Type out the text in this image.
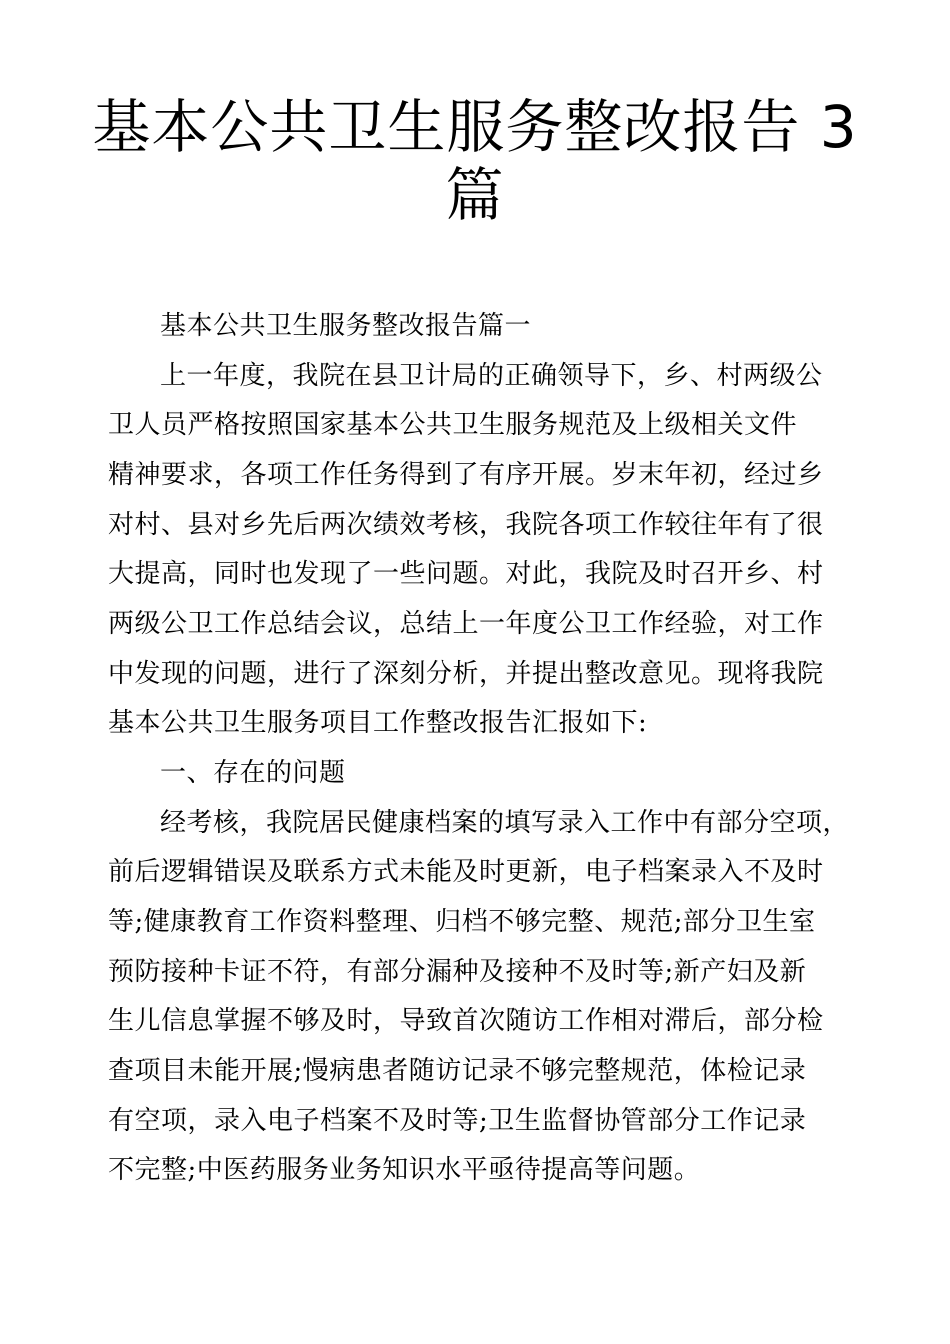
基本公共卫生服务整改报告 3
篇
基本公共卫生服务整改报告篇一
上一年度，我院在县卫计局的正确领导下，乡、村两级公
卫人员严格按照国家基本公共卫生服务规范及上级相关文件
精神要求，各项工作任务得到了有序开展。岁末年初，经过乡
对村、县对乡先后两次绩效考核，我院各项工作较往年有了很
大提高，同时也发现了一些问题。对此，我院及时召开乡、村
两级公卫工作总结会议，总结上一年度公卫工作经验，对工作
中发现的问题，进行了深刻分析，并提出整改意见。现将我院
基本公共卫生服务项目工作整改报告汇报如下:
一、存在的问题
经考核，我院居民健康档案的填写录入工作中有部分空项，
前后逻辑错误及联系方式未能及时更新，电子档案录入不及时
等;健康教育工作资料整理、归档不够完整、规范;部分卫生室
预防接种卡证不符，有部分漏种及接种不及时等;新产妇及新
生儿信息掌握不够及时，导致首次随访工作相对滞后，部分检
查项目未能开展;慢病患者随访记录不够完整规范，体检记录
有空项，录入电子档案不及时等;卫生监督协管部分工作记录
不完整;中医药服务业务知识水平亟待提高等问题。
